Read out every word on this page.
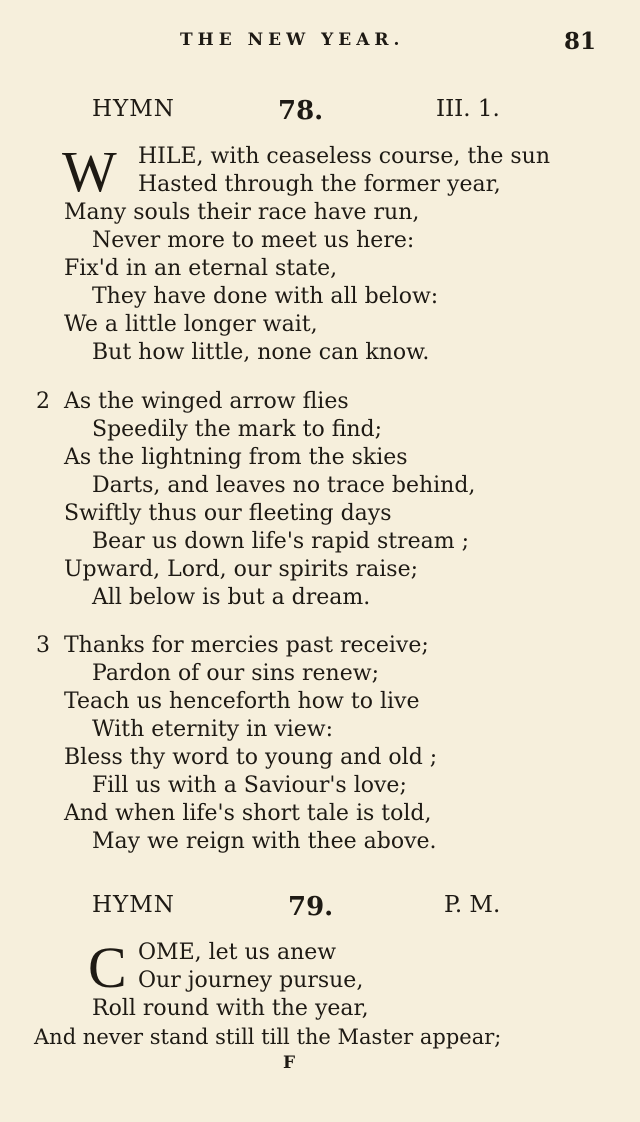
THE NEW YEAR.	81
HYMN	78.	III. 1.
W HILE, with ceaseless course, the sun
Hasted through the former year,
Many souls their race have run,
Never more to meet us here:
Fix'd in an eternal state,
They have done with all below:
We a little longer wait,
But how little, none can know.
2 As the winged arrow flies
Speedily the mark to find;
As the lightning from the skies
Darts, and leaves no trace behind,
Swiftly thus our fleeting days
Bear us down life's rapid stream ;
Upward, Lord, our spirits raise;
All below is but a dream.
3 Thanks for mercies past receive;
Pardon of our sins renew;
Teach us henceforth how to live
With eternity in view:
Bless thy word to young and old ;
Fill us with a Saviour's love;
And when life's short tale is told,
May we reign with thee above.
HYMN	79.	P. M.
C OME, let us anew
Our journey pursue,
Roll round with the year,
And never stand still till the Master appear;
F
